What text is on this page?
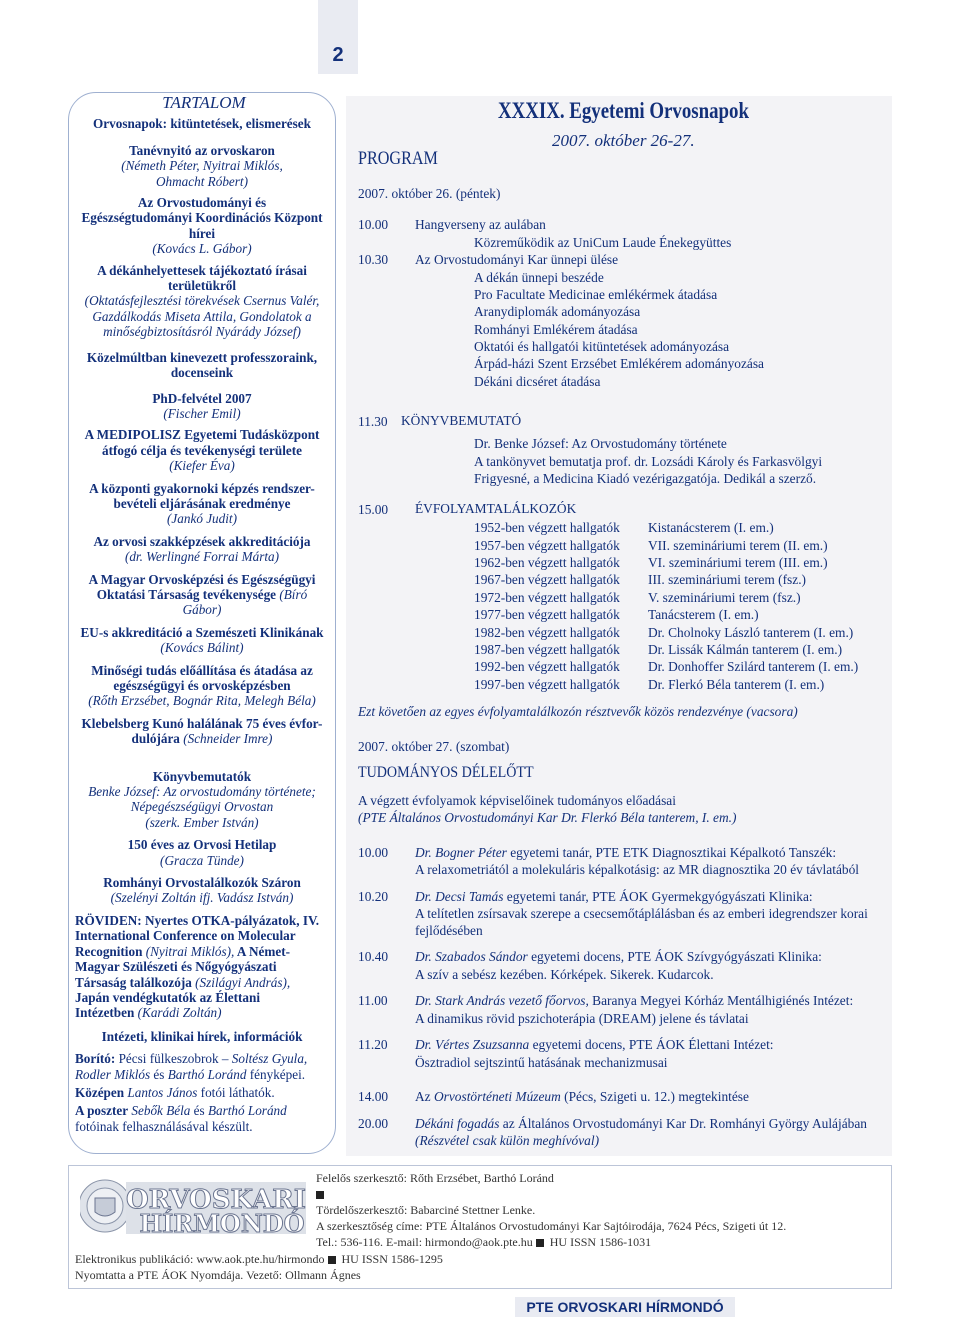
2
TARTALOM
Orvosnapok: kitüntetések, elismerések
Tanévnyitó az orvoskaron
(Németh Péter, Nyitrai Miklós,
Ohmacht Róbert)
Az Orvostudományi és
Egészségtudományi Koordinációs Központ
hírei
(Kovács L. Gábor)
A dékánhelyettesek tájékoztató írásai
területükről
(Oktatásfejlesztési törekvések Csernus Valér,
Gazdálkodás Miseta Attila, Gondolatok a
minőségbiztosításról Nyárády József)
Közelmúltban kinevezett professzoraink,
docenseink
PhD-felvétel 2007
(Fischer Emil)
A MEDIPOLISZ Egyetemi Tudásközpont
átfogó célja és tevékenységi területe
(Kiefer Éva)
A központi gyakornoki képzés rendszer-
bevételi eljárásának eredménye
(Jankó Judit)
Az orvosi szakképzések akkreditációja
(dr. Werlingné Forrai Márta)
A Magyar Orvosképzési és Egészségügyi
Oktatási Társaság tevékenysége (Bíró
Gábor)
EU-s akkreditáció a Szemészeti Klinikának
(Kovács Bálint)
Minőségi tudás előállítása és átadása az
egészségügyi és orvosképzésben
(Rőth Erzsébet, Bognár Rita, Melegh Béla)
Klebelsberg Kunó halálának 75 éves évfor-
dulójára (Schneider Imre)
Könyvbemutatók
Benke József: Az orvostudomány története;
Népegészségügyi Orvostan
(szerk. Ember István)
150 éves az Orvosi Hetilap
(Gracza Tünde)
Romhányi Orvostalálkozók Száron
(Szelényi Zoltán ifj. Vadász István)
RÖVIDEN: Nyertes OTKA-pályázatok, IV.
International Conference on Molecular
Recognition (Nyitrai Miklós), A Német-
Magyar Szülészeti és Nőgyógyászati
Társaság találkozója (Szilágyi András),
Japán vendégkutatók az Élettani
Intézetben (Karádi Zoltán)
Intézeti, klinikai hírek, információk
Borító: Pécsi fülkeszobrok – Soltész Gyula,
Rodler Miklós és Barthó Loránd fényképei.
Középen Lantos János fotói láthatók.
A poszter Sebők Béla és Barthó Loránd
fotóinak felhasználásával készült.
XXXIX. Egyetemi Orvosnapok
2007. október 26-27.
PROGRAM
2007. október 26. (péntek)
10.00 Hangverseny az aulában
Közreműködik az UniCum Laude Énekegyüttes
10.30 Az Orvostudományi Kar ünnepi ülése
A dékán ünnepi beszéde
Pro Facultate Medicinae emlékérmek átadása
Aranydiplomák adományozása
Romhányi Emlékérem átadása
Oktatói és hallgatói kitüntetések adományozása
Árpád-házi Szent Erzsébet Emlékérem adományozása
Dékáni dicséret átadása
11.30 KÖNYVBEMUTATÓ
Dr. Benke József: Az Orvostudomány története
A tankönyvet bemutatja prof. dr. Lozsádi Károly és Farkasvölgyi
Frigyesné, a Medicina Kiadó vezérigazgatója. Dedikál a szerző.
15.00 ÉVFOLYAMTALÁLKOZÓK
1952-ben végzett hallgatók Kistanácsterem (I. em.)
1957-ben végzett hallgatók VII. szemináriumi terem (II. em.)
1962-ben végzett hallgatók VI. szemináriumi terem (III. em.)
1967-ben végzett hallgatók III. szemináriumi terem (fsz.)
1972-ben végzett hallgatók V. szemináriumi terem (fsz.)
1977-ben végzett hallgatók Tanácsterem (I. em.)
1982-ben végzett hallgatók Dr. Cholnoky László tanterem (I. em.)
1987-ben végzett hallgatók Dr. Lissák Kálmán tanterem (I. em.)
1992-ben végzett hallgatók Dr. Donhoffer Szilárd tanterem (I. em.)
1997-ben végzett hallgatók Dr. Flerkó Béla tanterem (I. em.)
Ezt követően az egyes évfolyamtalálkozón résztvevők közös rendezvénye (vacsora)
2007. október 27. (szombat)
TUDOMÁNYOS DÉLELŐTT
A végzett évfolyamok képviselőinek tudományos előadásai
(PTE Általános Orvostudományi Kar Dr. Flerkó Béla tanterem, I. em.)
10.00 Dr. Bogner Péter egyetemi tanár, PTE ETK Diagnosztikai Képalkotó Tanszék:
A relaxometriától a molekuláris képalkotásig: az MR diagnosztika 20 év távlatából
10.20 Dr. Decsi Tamás egyetemi tanár, PTE ÁOK Gyermekgyógyászati Klinika:
A telítetlen zsírsavak szerepe a csecsemőtáplálásban és az emberi idegrendszer korai
fejlődésében
10.40 Dr. Szabados Sándor egyetemi docens, PTE ÁOK Szívgyógyászati Klinika:
A szív a sebész kezében. Kórképek. Sikerek. Kudarcok.
11.00 Dr. Stark András vezető főorvos, Baranya Megyei Kórház Mentálhigiénés Intézet:
A dinamikus rövid pszichoterápia (DREAM) jelene és távlatai
11.20 Dr. Vértes Zsuzsanna egyetemi docens, PTE ÁOK Élettani Intézet:
Ösztradiol sejtszintű hatásának mechanizmusai
14.00 Az Orvostörténeti Múzeum (Pécs, Szigeti u. 12.) megtekintése
20.00 Dékáni fogadás az Általános Orvostudományi Kar Dr. Romhányi György Aulájában
(Részvétel csak külön meghívóval)
ORVOSKARI
HÍRMONDÓ
Felelős szerkesztő: Rőth Erzsébet, Barthó Loránd
Tördelőszerkesztő: Babarciné Stettner Lenke.
A szerkesztőség címe: PTE Általános Orvostudományi Kar Sajtóirodája, 7624 Pécs, Szigeti út 12.
Tel.: 536-116. E-mail: hirmondo@aok.pte.hu HU ISSN 1586-1031
Elektronikus publikáció: www.aok.pte.hu/hirmondo HU ISSN 1586-1295
Nyomtatta a PTE ÁOK Nyomdája. Vezető: Ollmann Ágnes
PTE ORVOSKARI HÍRMONDÓ
